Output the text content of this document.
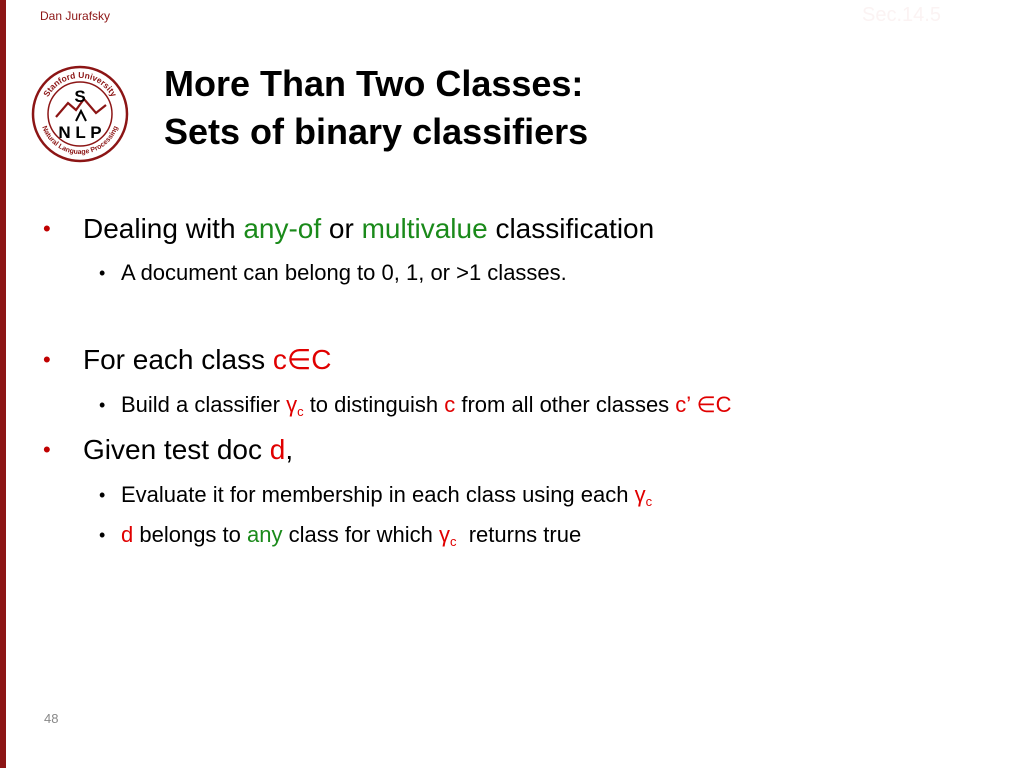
Dan Jurafsky	Sec.14.5
Stanford University
Natural Language Processing
S
N L P
More Than Two Classes:
Sets of binary classifiers
• Dealing with any-of or multivalue classification
• A document can belong to 0, 1, or >1 classes.
• For each class c∈C
• Build a classifier $\gamma_c$ to distinguish c from all other classes c’ ∈C
• Given test doc d,
• Evaluate it for membership in each class using each $\gamma_c$
• d belongs to any class for which $\gamma_c$  returns true
48
